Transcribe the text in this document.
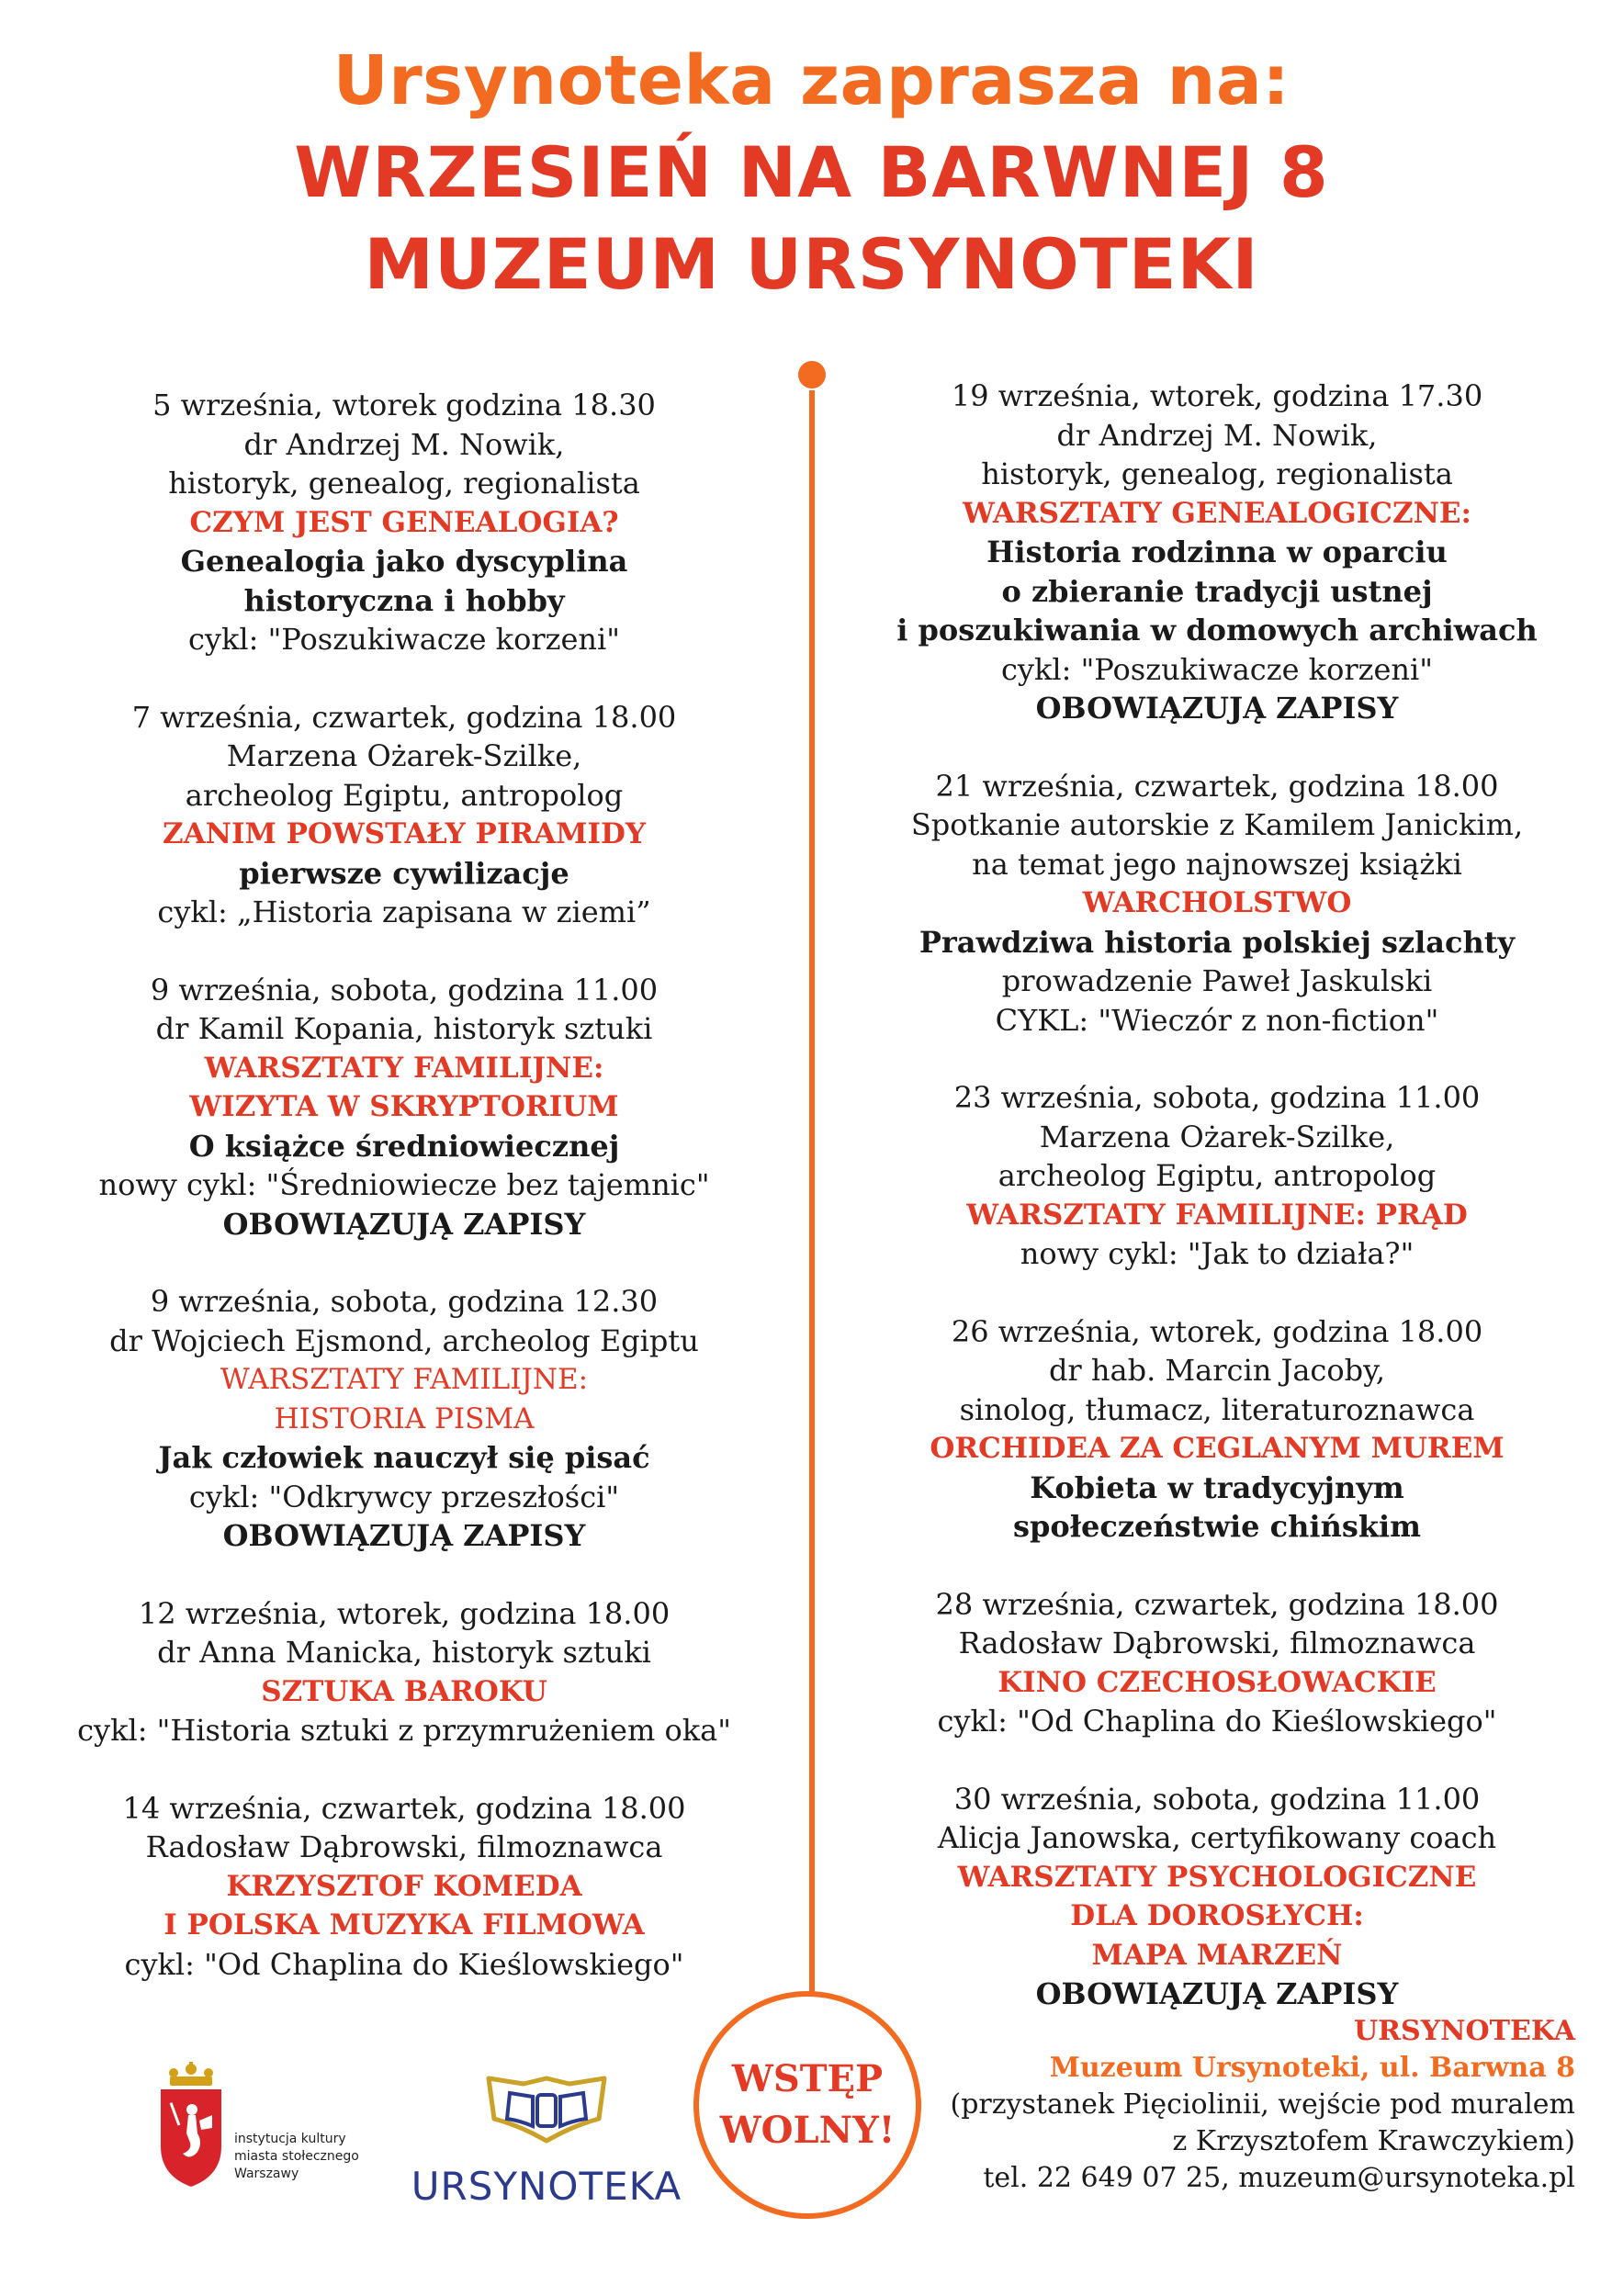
Ursynoteka zaprasza na:
WRZESIEŃ NA BARWNEJ 8
MUZEUM URSYNOTEKI
5 września, wtorek godzina 18.30
dr Andrzej M. Nowik,
historyk, genealog, regionalista
CZYM JEST GENEALOGIA?
Genealogia jako dyscyplina
historyczna i hobby
cykl: "Poszukiwacze korzeni"
7 września, czwartek, godzina 18.00
Marzena Ożarek-Szilke,
archeolog Egiptu, antropolog
ZANIM POWSTAŁY PIRAMIDY
pierwsze cywilizacje
cykl: „Historia zapisana w ziemi”
9 września, sobota, godzina 11.00
dr Kamil Kopania, historyk sztuki
WARSZTATY FAMILIJNE:
WIZYTA W SKRYPTORIUM
O książce średniowiecznej
nowy cykl: "Średniowiecze bez tajemnic"
OBOWIĄZUJĄ ZAPISY
9 września, sobota, godzina 12.30
dr Wojciech Ejsmond, archeolog Egiptu
WARSZTATY FAMILIJNE:
HISTORIA PISMA
Jak człowiek nauczył się pisać
cykl: "Odkrywcy przeszłości"
OBOWIĄZUJĄ ZAPISY
12 września, wtorek, godzina 18.00
dr Anna Manicka, historyk sztuki
SZTUKA BAROKU
cykl: "Historia sztuki z przymrużeniem oka"
14 września, czwartek, godzina 18.00
Radosław Dąbrowski, filmoznawca
KRZYSZTOF KOMEDA
I POLSKA MUZYKA FILMOWA
cykl: "Od Chaplina do Kieślowskiego"
19 września, wtorek, godzina 17.30
dr Andrzej M. Nowik,
historyk, genealog, regionalista
WARSZTATY GENEALOGICZNE:
Historia rodzinna w oparciu
o zbieranie tradycji ustnej
i poszukiwania w domowych archiwach
cykl: "Poszukiwacze korzeni"
OBOWIĄZUJĄ ZAPISY
21 września, czwartek, godzina 18.00
Spotkanie autorskie z Kamilem Janickim,
na temat jego najnowszej książki
WARCHOLSTWO
Prawdziwa historia polskiej szlachty
prowadzenie Paweł Jaskulski
CYKL: "Wieczór z non-fiction"
23 września, sobota, godzina 11.00
Marzena Ożarek-Szilke,
archeolog Egiptu, antropolog
WARSZTATY FAMILIJNE: PRĄD
nowy cykl: "Jak to działa?"
26 września, wtorek, godzina 18.00
dr hab. Marcin Jacoby,
sinolog, tłumacz, literaturoznawca
ORCHIDEA ZA CEGLANYM MUREM
Kobieta w tradycyjnym
społeczeństwie chińskim
28 września, czwartek, godzina 18.00
Radosław Dąbrowski, filmoznawca
KINO CZECHOSŁOWACKIE
cykl: "Od Chaplina do Kieślowskiego"
30 września, sobota, godzina 11.00
Alicja Janowska, certyfikowany coach
WARSZTATY PSYCHOLOGICZNE
DLA DOROSŁYCH:
MAPA MARZEŃ
OBOWIĄZUJĄ ZAPISY
WSTĘP
WOLNY!
instytucja kultury
miasta stołecznego
Warszawy	URSYNOTEKA
URSYNOTEKA
Muzeum Ursynoteki, ul. Barwna 8
(przystanek Pięciolinii, wejście pod muralem
z Krzysztofem Krawczykiem)
tel. 22 649 07 25, muzeum@ursynoteka.pl
